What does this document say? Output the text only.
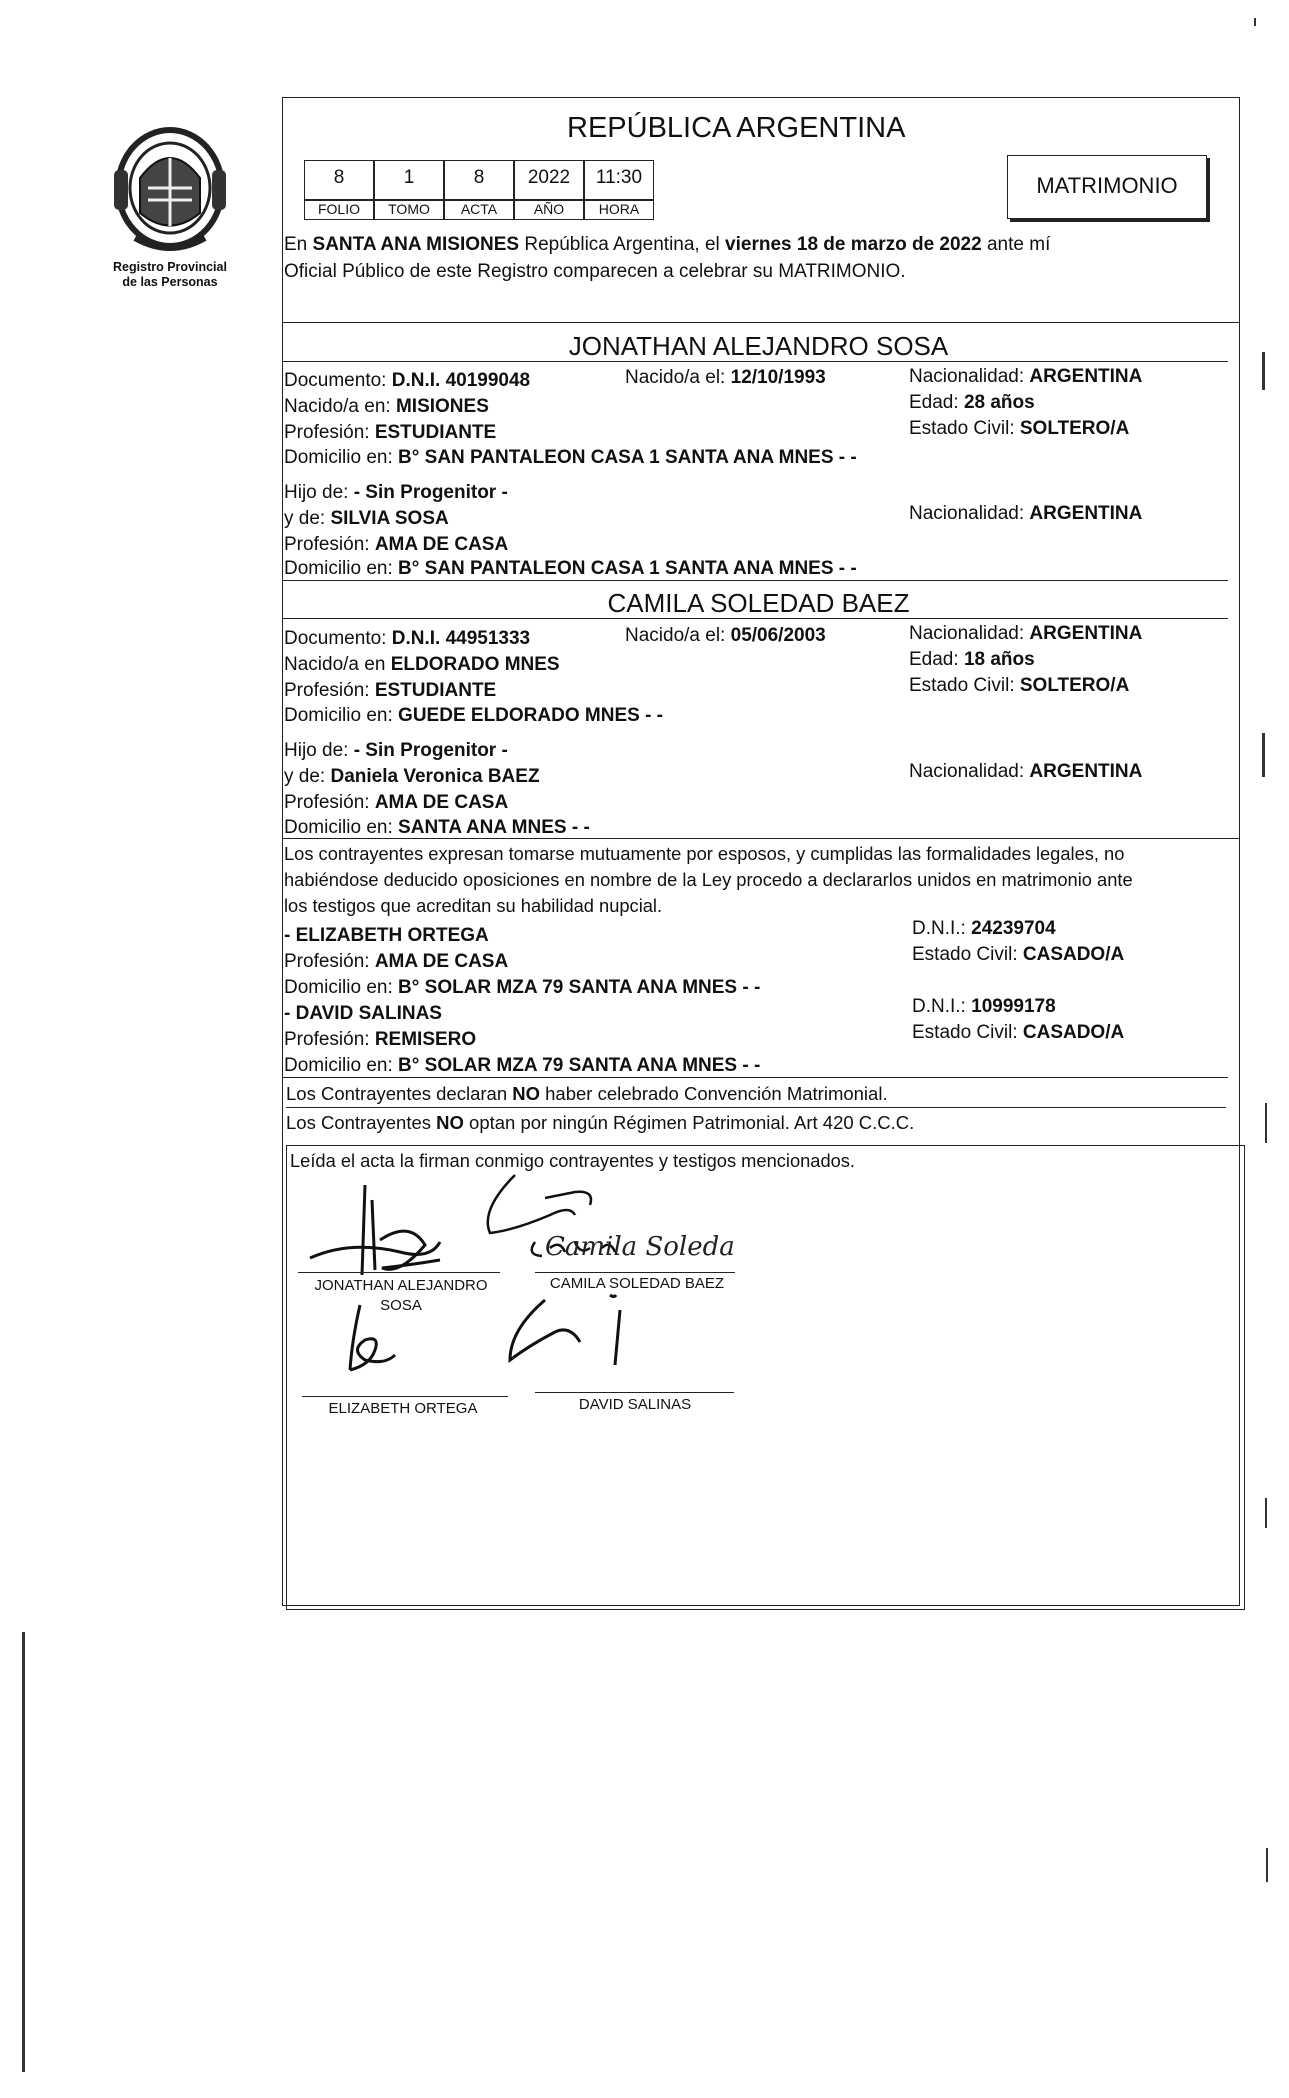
Registro Provincial
de las Personas
REPÚBLICA ARGENTINA
8	1	8	2022	11:30
FOLIO	TOMO	ACTA	AÑO	HORA
MATRIMONIO
En SANTA ANA MISIONES República Argentina, el viernes 18 de marzo de 2022 ante mí
Oficial Público de este Registro comparecen a celebrar su MATRIMONIO.
JONATHAN ALEJANDRO SOSA
Documento: D.N.I. 40199048	Nacido/a el: 12/10/1993	Nacionalidad: ARGENTINA
Nacido/a en: MISIONES	Edad: 28 años
Profesión: ESTUDIANTE	Estado Civil: SOLTERO/A
Domicilio en: B° SAN PANTALEON CASA 1 SANTA ANA MNES - -
Hijo de: - Sin Progenitor -
y de: SILVIA SOSA	Nacionalidad: ARGENTINA
Profesión: AMA DE CASA
Domicilio en: B° SAN PANTALEON CASA 1 SANTA ANA MNES - -
CAMILA SOLEDAD BAEZ
Documento: D.N.I. 44951333	Nacido/a el: 05/06/2003	Nacionalidad: ARGENTINA
Nacido/a en ELDORADO MNES	Edad: 18 años
Profesión: ESTUDIANTE	Estado Civil: SOLTERO/A
Domicilio en: GUEDE ELDORADO MNES - -
Hijo de: - Sin Progenitor -
y de: Daniela Veronica BAEZ	Nacionalidad: ARGENTINA
Profesión: AMA DE CASA
Domicilio en: SANTA ANA MNES - -
Los contrayentes expresan tomarse mutuamente por esposos, y cumplidas las formalidades legales, no
habiéndose deducido oposiciones en nombre de la Ley procedo a declararlos unidos en matrimonio ante
los testigos que acreditan su habilidad nupcial.
- ELIZABETH ORTEGA	D.N.I.: 24239704
Profesión: AMA DE CASA	Estado Civil: CASADO/A
Domicilio en: B° SOLAR MZA 79 SANTA ANA MNES - -
- DAVID SALINAS	D.N.I.: 10999178
Profesión: REMISERO	Estado Civil: CASADO/A
Domicilio en: B° SOLAR MZA 79 SANTA ANA MNES - -
Los Contrayentes declaran NO haber celebrado Convención Matrimonial.
Los Contrayentes NO optan por ningún Régimen Patrimonial. Art 420 C.C.C.
Leída el acta la firman conmigo contrayentes y testigos mencionados.
Camila Soleda
JONATHAN ALEJANDRO
SOSA
CAMILA SOLEDAD BAEZ
ELIZABETH ORTEGA	DAVID SALINAS
